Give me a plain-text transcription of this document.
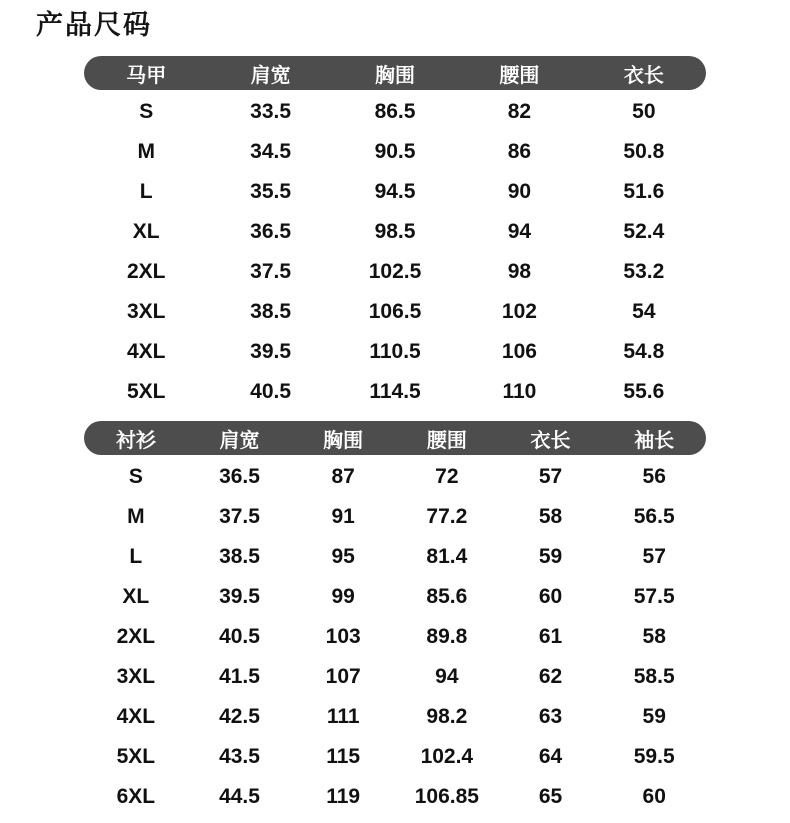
产品尺码
马甲	肩宽	胸围	腰围	衣长
S	33.5	86.5	82	50
M	34.5	90.5	86	50.8
L	35.5	94.5	90	51.6
XL	36.5	98.5	94	52.4
2XL	37.5	102.5	98	53.2
3XL	38.5	106.5	102	54
4XL	39.5	110.5	106	54.8
5XL	40.5	114.5	110	55.6
衬衫	肩宽	胸围	腰围	衣长	袖长
S	36.5	87	72	57	56
M	37.5	91	77.2	58	56.5
L	38.5	95	81.4	59	57
XL	39.5	99	85.6	60	57.5
2XL	40.5	103	89.8	61	58
3XL	41.5	107	94	62	58.5
4XL	42.5	111	98.2	63	59
5XL	43.5	115	102.4	64	59.5
6XL	44.5	119	106.85	65	60
